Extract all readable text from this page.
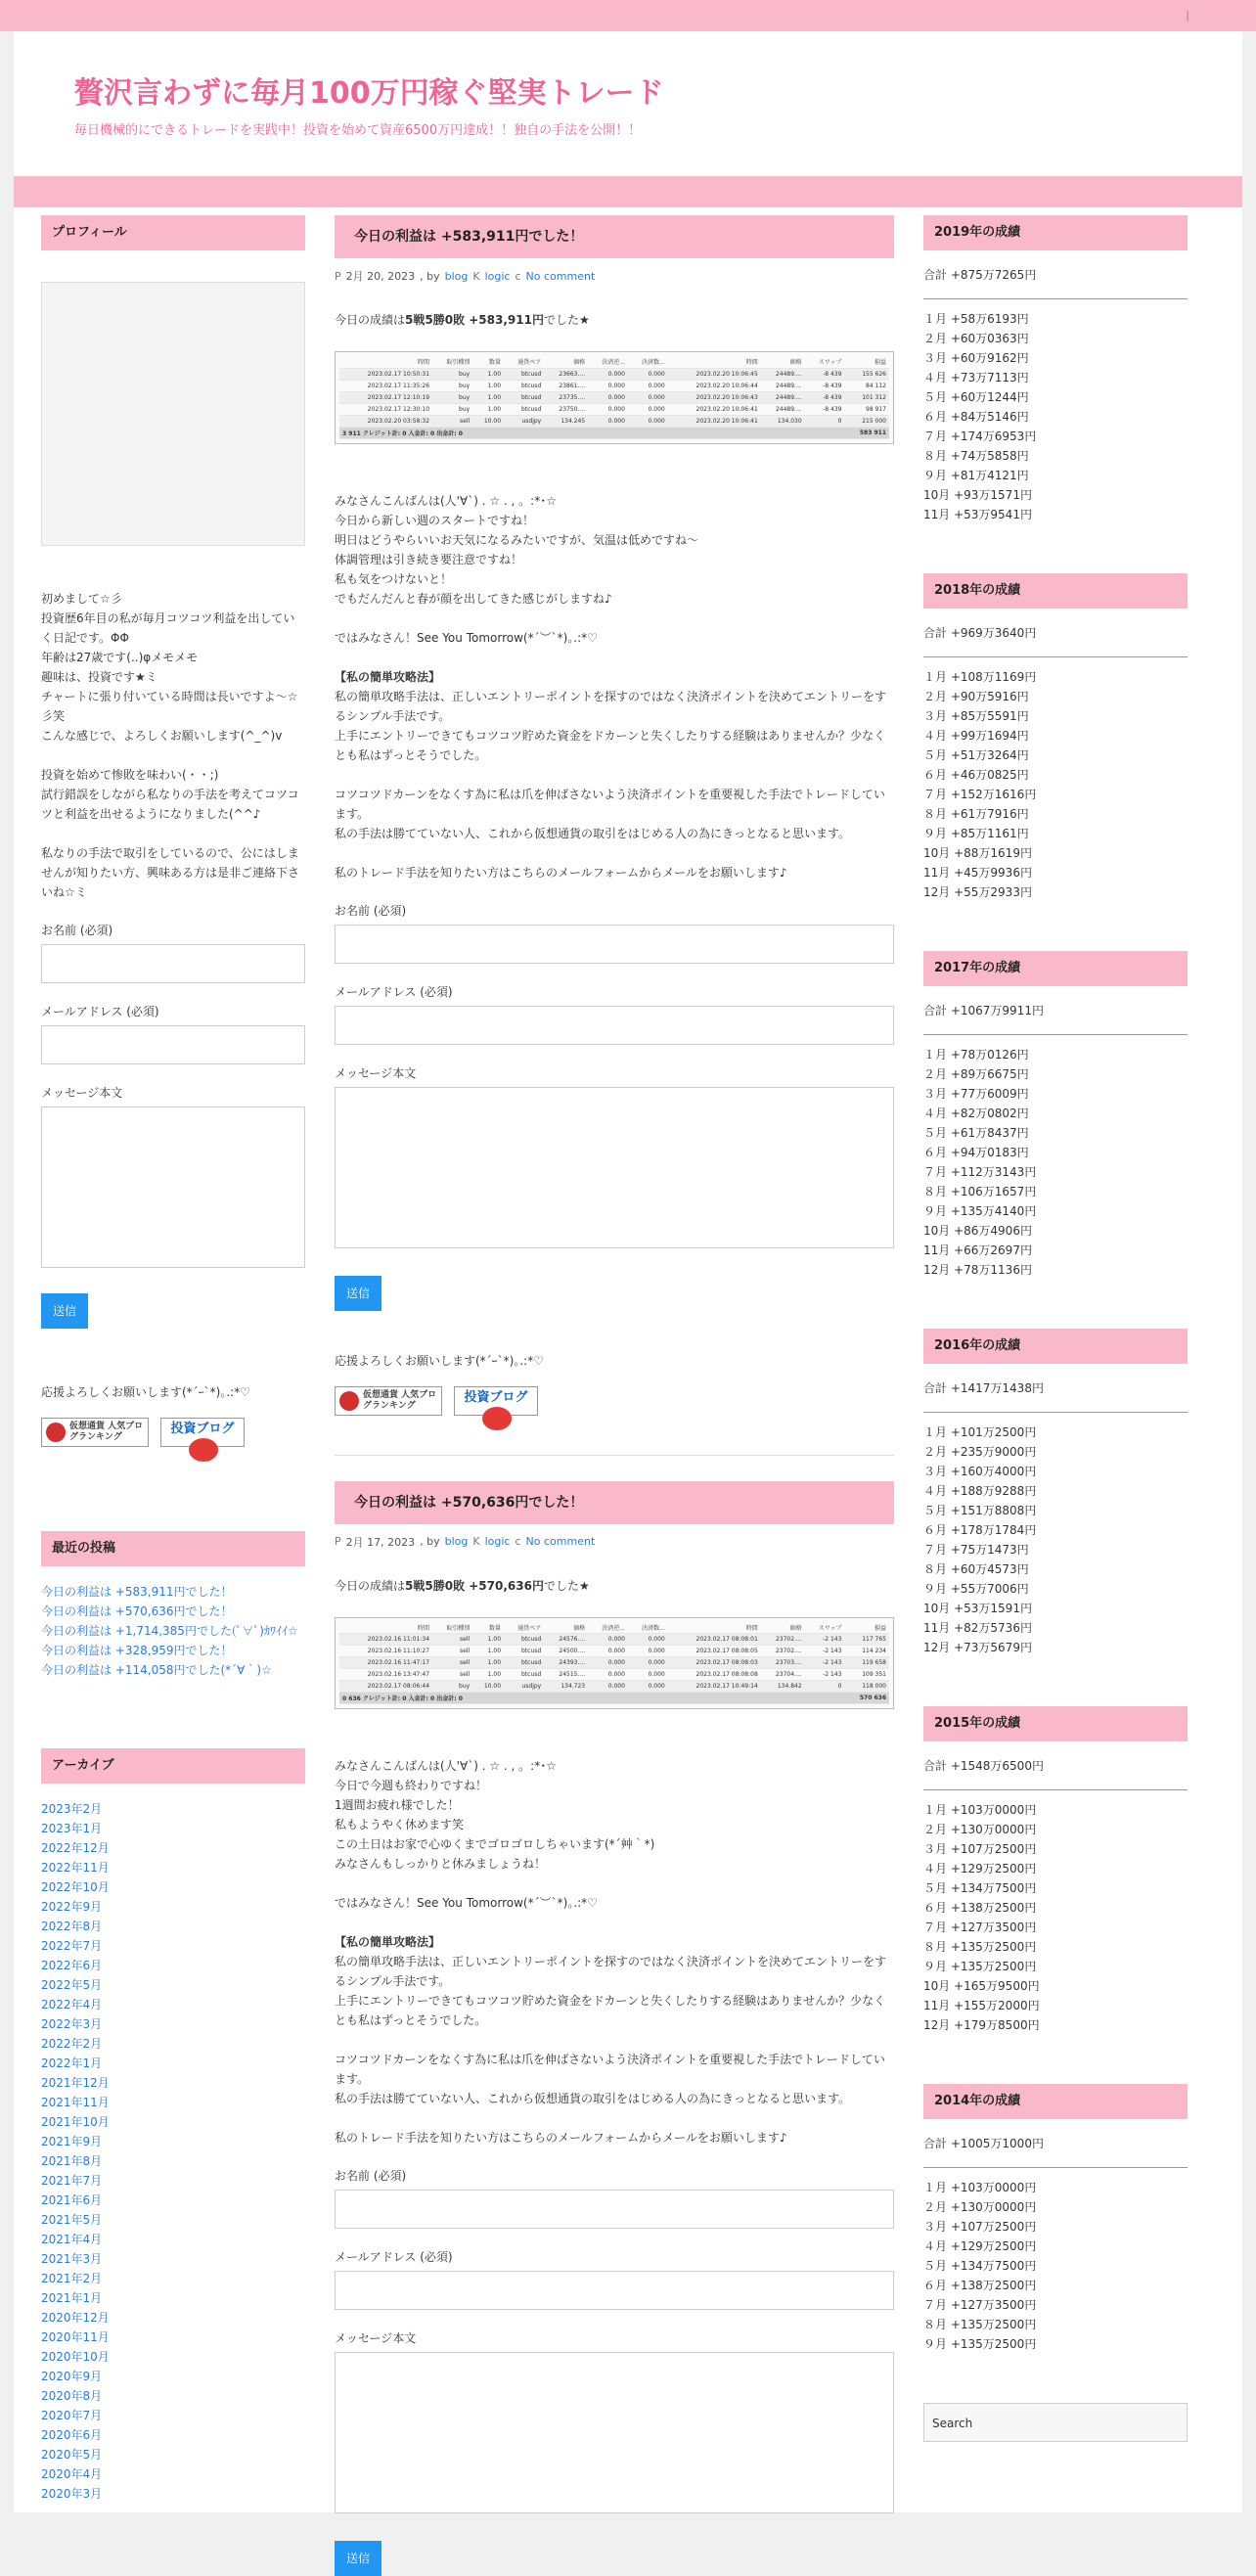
|
贅沢言わずに毎月100万円稼ぐ堅実トレード
毎日機械的にできるトレードを実践中！投資を始めて資産6500万円達成！！独自の手法を公開！！
プロフィール

初めまして☆彡
投資歴6年目の私が毎月コツコツ利益を出していく日記です。ΦΦ
年齢は27歳です(..)φメモメモ
趣味は、投資です★ミ
チャートに張り付いている時間は長いですよ～☆彡笑
こんな感じで、よろしくお願いします(^_^)v

投資を始めて惨敗を味わい(・・;)
試行錯誤をしながら私なりの手法を考えてコツコツと利益を出せるようになりました(^^♪

私なりの手法で取引をしているので、公にはしませんが知りたい方、興味ある方は是非ご連絡下さいね☆ミ

お名前 (必須)
メールアドレス (必須)
メッセージ本文
送信
応援よろしくお願いします(*´ｰ`*)｡.:*♡
仮想通貨 人気ブログランキング
投資ブログ
最近の投稿
今日の利益は +583,911円でした！
今日の利益は +570,636円でした！
今日の利益は +1,714,385円でした(ﾟ∀ﾟ)ｶﾜｲｲ☆
今日の利益は +328,959円でした！
今日の利益は +114,058円でした(*´∀｀)☆
アーカイブ
2023年2月
2023年1月
2022年12月
2022年11月
2022年10月
2022年9月
2022年8月
2022年7月
2022年6月
2022年5月
2022年4月
2022年3月
2022年2月
2022年1月
2021年12月
2021年11月
2021年10月
2021年9月
2021年8月
2021年7月
2021年6月
2021年5月
2021年4月
2021年3月
2021年2月
2021年1月
2020年12月
2020年11月
2020年10月
2020年9月
2020年8月
2020年7月
2020年6月
2020年5月
2020年4月
2020年3月
今日の利益は +583,911円でした！
P 2月 20, 2023 , by blog K logic c No comment
今日の成績は5戦5勝0敗 +583,911円でした★
時間	取引種別	数量	通貨ペア	価格	決済逆...	決済数...	時間	価格	スワップ	損益
2023.02.17 10:50:31	buy	1.00	btcusd	23663....	0.000	0.000	2023.02.20 10:06:45	24489....	-8 439	155 626
2023.02.17 11:35:26	buy	1.00	btcusd	23861....	0.000	0.000	2023.02.20 10:06:44	24489....	-8 439	84 112
2023.02.17 12:10:19	buy	1.00	btcusd	23735....	0.000	0.000	2023.02.20 10:06:43	24489....	-8 439	101 312
2023.02.17 12:30:10	buy	1.00	btcusd	23750....	0.000	0.000	2023.02.20 10:06:41	24489....	-8 439	98 917
2023.02.20 03:58:32	sell	10.00	usdjpy	134.245	0.000	0.000	2023.02.20 10:06:41	134.030	0	215 000
3 911 クレジット計: 0 入金計: 0 出金計: 0										583 911

みなさんこんばんは(人'∀`) . ☆ . , 。:*･☆
今日から新しい週のスタートですね！
明日はどうやらいいお天気になるみたいですが、気温は低めですね～
体調管理は引き続き要注意ですね！
私も気をつけないと！
でもだんだんと春が顔を出してきた感じがしますね♪

ではみなさん！See You Tomorrow(*´︶`*)｡.:*♡

【私の簡単攻略法】
私の簡単攻略手法は、正しいエントリーポイントを探すのではなく決済ポイントを決めてエントリーをするシンプル手法です。
上手にエントリーできてもコツコツ貯めた資金をドカーンと失くしたりする経験はありませんか？少なくとも私はずっとそうでした。

コツコツドカーンをなくす為に私は爪を伸ばさないよう決済ポイントを重要視した手法でトレードしています。
私の手法は勝てていない人、これから仮想通貨の取引をはじめる人の為にきっとなると思います。

私のトレード手法を知りたい方はこちらのメールフォームからメールをお願いします♪

お名前 (必須)
メールアドレス (必須)
メッセージ本文
送信
応援よろしくお願いします(*´ｰ`*)｡.:*♡
仮想通貨 人気ブログランキング
投資ブログ
今日の利益は +570,636円でした！
P 2月 17, 2023 , by blog K logic c No comment
今日の成績は5戦5勝0敗 +570,636円でした★
時間	取引種別	数量	通貨ペア	価格	決済逆...	決済数...	時間	価格	スワップ	損益
2023.02.16 11:01:34	sell	1.00	btcusd	24576....	0.000	0.000	2023.02.17 08:08:01	23702....	-2 143	117 765
2023.02.16 11:10:27	sell	1.00	btcusd	24500....	0.000	0.000	2023.02.17 08:08:05	23702....	-2 143	114 234
2023.02.16 11:47:17	sell	1.00	btcusd	24393....	0.000	0.000	2023.02.17 08:08:03	23703....	-2 143	119 658
2023.02.16 13:47:47	sell	1.00	btcusd	24515....	0.000	0.000	2023.02.17 08:08:08	23704....	-2 143	109 351
2023.02.17 08:06:44	buy	10.00	usdjpy	134.723	0.000	0.000	2023.02.17 10:49:14	134.842	0	118 000
0 636 クレジット計: 0 入金計: 0 出金計: 0										570 636

みなさんこんばんは(人'∀`) . ☆ . , 。:*･☆
今日で今週も終わりですね！
1週間お疲れ様でした！
私もようやく休めます笑
この土日はお家で心ゆくまでゴロゴロしちゃいます(*´艸｀*)
みなさんもしっかりと休みましょうね！

ではみなさん！See You Tomorrow(*´︶`*)｡.:*♡

【私の簡単攻略法】
私の簡単攻略手法は、正しいエントリーポイントを探すのではなく決済ポイントを決めてエントリーをするシンプル手法です。
上手にエントリーできてもコツコツ貯めた資金をドカーンと失くしたりする経験はありませんか？少なくとも私はずっとそうでした。

コツコツドカーンをなくす為に私は爪を伸ばさないよう決済ポイントを重要視した手法でトレードしています。
私の手法は勝てていない人、これから仮想通貨の取引をはじめる人の為にきっとなると思います。

私のトレード手法を知りたい方はこちらのメールフォームからメールをお願いします♪

お名前 (必須)
メールアドレス (必須)
メッセージ本文
送信
2019年の成績
合計 +875万7265円
１月 +58万6193円
２月 +60万0363円
３月 +60万9162円
４月 +73万7113円
５月 +60万1244円
６月 +84万5146円
７月 +174万6953円
８月 +74万5858円
９月 +81万4121円
10月 +93万1571円
11月 +53万9541円
2018年の成績
合計 +969万3640円
１月 +108万1169円
２月 +90万5916円
３月 +85万5591円
４月 +99万1694円
５月 +51万3264円
６月 +46万0825円
７月 +152万1616円
８月 +61万7916円
９月 +85万1161円
10月 +88万1619円
11月 +45万9936円
12月 +55万2933円
2017年の成績
合計 +1067万9911円
１月 +78万0126円
２月 +89万6675円
３月 +77万6009円
４月 +82万0802円
５月 +61万8437円
６月 +94万0183円
７月 +112万3143円
８月 +106万1657円
９月 +135万4140円
10月 +86万4906円
11月 +66万2697円
12月 +78万1136円
2016年の成績
合計 +1417万1438円
１月 +101万2500円
２月 +235万9000円
３月 +160万4000円
４月 +188万9288円
５月 +151万8808円
６月 +178万1784円
７月 +75万1473円
８月 +60万4573円
９月 +55万7006円
10月 +53万1591円
11月 +82万5736円
12月 +73万5679円
2015年の成績
合計 +1548万6500円
１月 +103万0000円
２月 +130万0000円
３月 +107万2500円
４月 +129万2500円
５月 +134万7500円
６月 +138万2500円
７月 +127万3500円
８月 +135万2500円
９月 +135万2500円
10月 +165万9500円
11月 +155万2000円
12月 +179万8500円
2014年の成績
合計 +1005万1000円
１月 +103万0000円
２月 +130万0000円
３月 +107万2500円
４月 +129万2500円
５月 +134万7500円
６月 +138万2500円
７月 +127万3500円
８月 +135万2500円
９月 +135万2500円
Search
